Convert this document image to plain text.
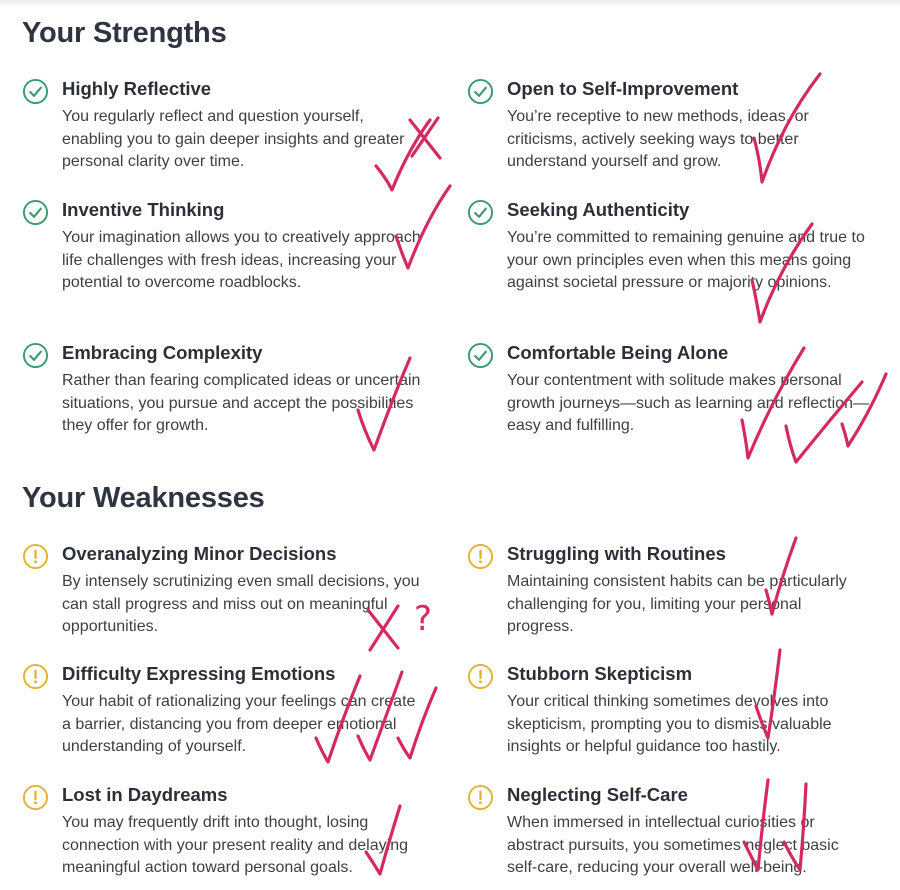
Your Strengths
Highly Reflective

You regularly reflect and question yourself, enabling you to gain deeper insights and greater personal clarity over time.

Open to Self-Improvement

You’re receptive to new methods, ideas, or criticisms, actively seeking ways to better understand yourself and grow.

Inventive Thinking

Your imagination allows you to creatively approach life challenges with fresh ideas, increasing your potential to overcome roadblocks.

Seeking Authenticity

You’re committed to remaining genuine and true to your own principles even when this means going against societal pressure or majority opinions.

Embracing Complexity

Rather than fearing complicated ideas or uncertain situations, you pursue and accept the possibilities they offer for growth.

Comfortable Being Alone

Your contentment with solitude makes personal growth journeys—such as learning and reflection—easy and fulfilling.

Your Weaknesses
Overanalyzing Minor Decisions

By intensely scrutinizing even small decisions, you can stall progress and miss out on meaningful opportunities.

Struggling with Routines

Maintaining consistent habits can be particularly challenging for you, limiting your personal progress.

Difficulty Expressing Emotions

Your habit of rationalizing your feelings can create a barrier, distancing you from deeper emotional understanding of yourself.

Stubborn Skepticism

Your critical thinking sometimes devolves into skepticism, prompting you to dismiss valuable insights or helpful guidance too hastily.

Lost in Daydreams

You may frequently drift into thought, losing connection with your present reality and delaying meaningful action toward personal goals.

Neglecting Self-Care

When immersed in intellectual curiosities or abstract pursuits, you sometimes neglect basic self-care, reducing your overall well-being.

?
